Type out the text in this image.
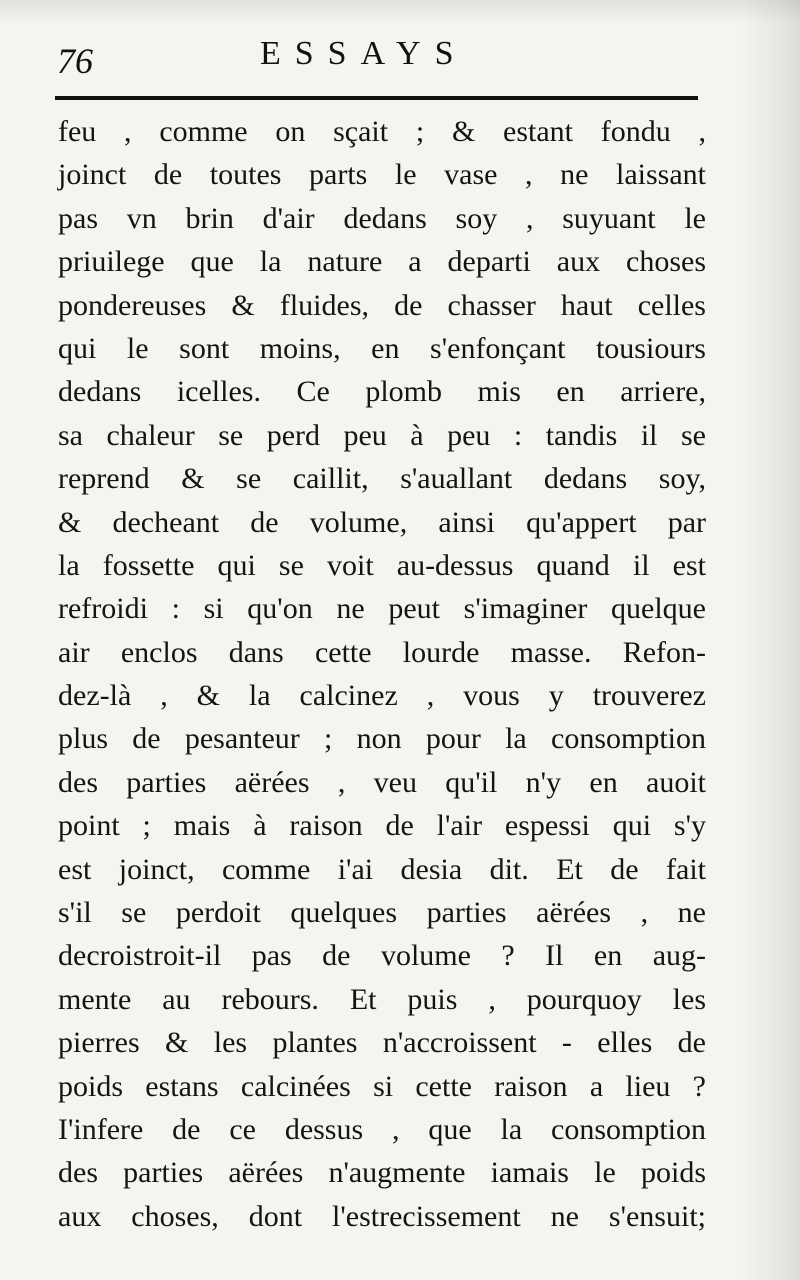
76	ESSAYS
feu , comme on sçait ; & estant fondu ,
joinct de toutes parts le vase , ne laissant
pas vn brin d'air dedans soy , suyuant le
priuilege que la nature a departi aux choses
pondereuses & fluides, de chasser haut celles
qui le sont moins, en s'enfonçant tousiours
dedans icelles. Ce plomb mis en arriere,
sa chaleur se perd peu à peu : tandis il se
reprend & se caillit, s'auallant dedans soy,
& decheant de volume, ainsi qu'appert par
la fossette qui se voit au-dessus quand il est
refroidi : si qu'on ne peut s'imaginer quelque
air enclos dans cette lourde masse. Refon-
dez-là , & la calcinez , vous y trouverez
plus de pesanteur ; non pour la consomption
des parties aërées , veu qu'il n'y en auoit
point ; mais à raison de l'air espessi qui s'y
est joinct, comme i'ai desia dit. Et de fait
s'il se perdoit quelques parties aërées , ne
decroistroit-il pas de volume ? Il en aug-
mente au rebours. Et puis , pourquoy les
pierres & les plantes n'accroissent - elles de
poids estans calcinées si cette raison a lieu ?
I'infere de ce dessus , que la consomption
des parties aërées n'augmente iamais le poids
aux choses, dont l'estrecissement ne s'ensuit;
